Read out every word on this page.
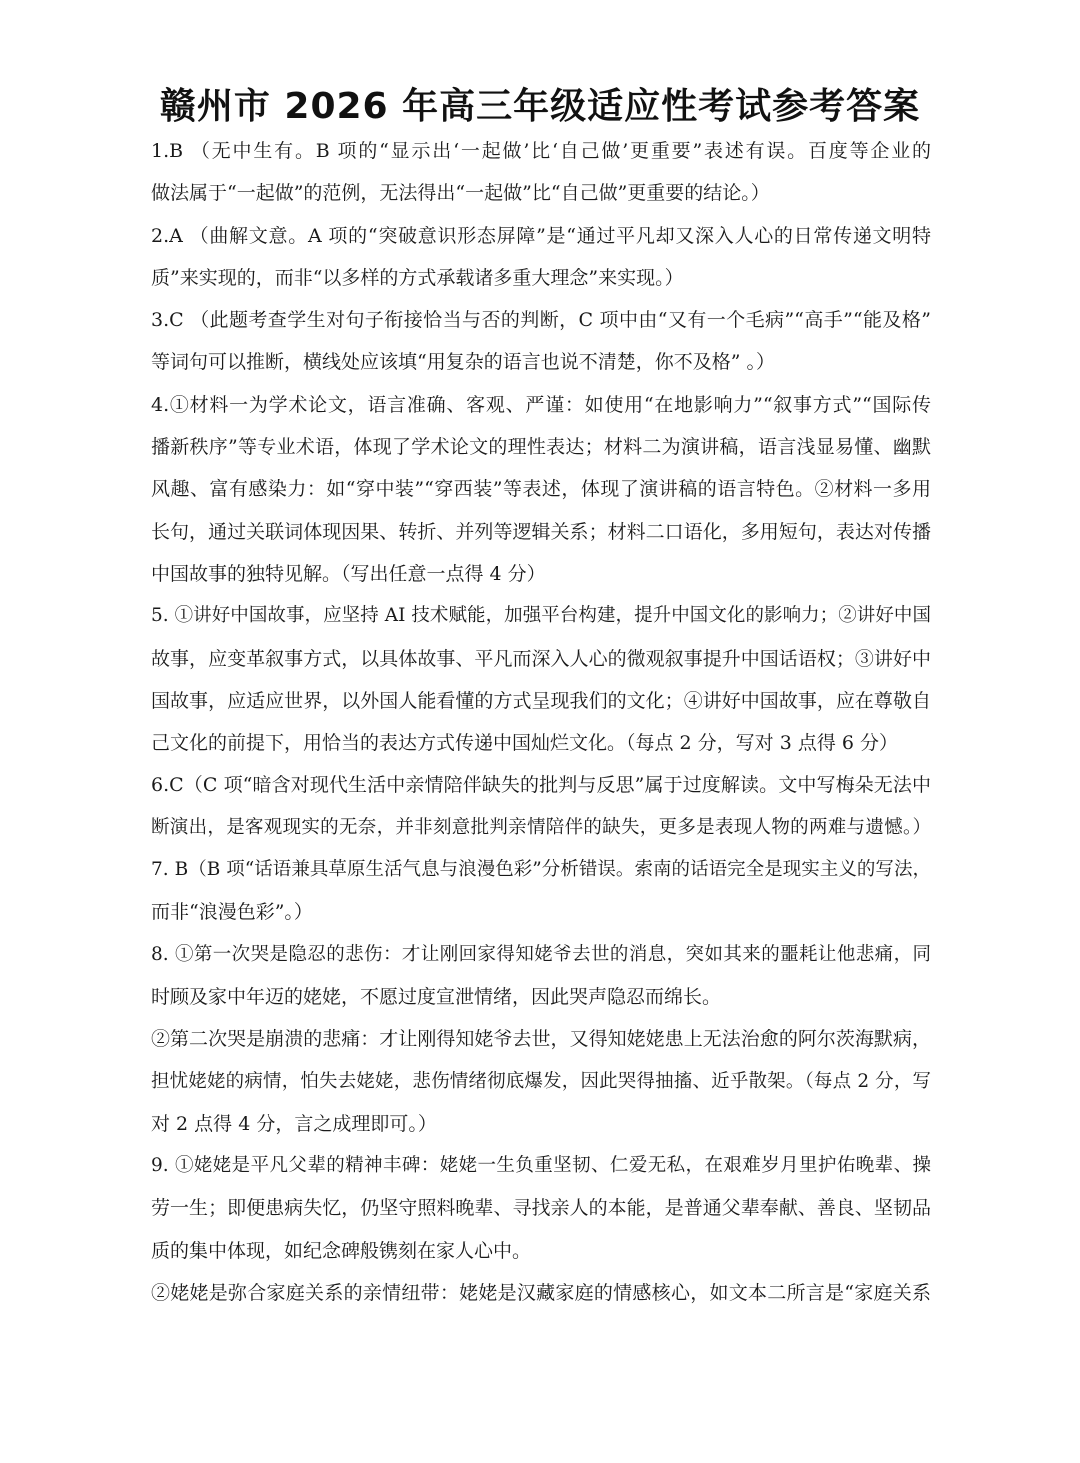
赣州市 2026 年高三年级适应性考试参考答案
1.B （无中生有。B 项的“显示出‘一起做’比‘自己做’更重要”表述有误。百度等企业的
做法属于“一起做”的范例，无法得出“一起做”比“自己做”更重要的结论。）
2.A （曲解文意。A 项的“突破意识形态屏障”是“通过平凡却又深入人心的日常传递文明特
质”来实现的，而非“以多样的方式承载诸多重大理念”来实现。）
3.C （此题考查学生对句子衔接恰当与否的判断，C 项中由“又有一个毛病”“高手”“能及格”
等词句可以推断，横线处应该填“用复杂的语言也说不清楚，你不及格” 。）
4.①材料一为学术论文，语言准确、客观、严谨：如使用“在地影响力”“叙事方式”“国际传
播新秩序”等专业术语，体现了学术论文的理性表达；材料二为演讲稿，语言浅显易懂、幽默
风趣、富有感染力：如“穿中装”“穿西装”等表述，体现了演讲稿的语言特色。②材料一多用
长句，通过关联词体现因果、转折、并列等逻辑关系；材料二口语化，多用短句，表达对传播
中国故事的独特见解。（写出任意一点得 4 分）
5. ①讲好中国故事，应坚持 AI 技术赋能，加强平台构建，提升中国文化的影响力；②讲好中国
故事，应变革叙事方式，以具体故事、平凡而深入人心的微观叙事提升中国话语权；③讲好中
国故事，应适应世界，以外国人能看懂的方式呈现我们的文化；④讲好中国故事，应在尊敬自
己文化的前提下，用恰当的表达方式传递中国灿烂文化。（每点 2 分，写对 3 点得 6 分）
6.C（C 项“暗含对现代生活中亲情陪伴缺失的批判与反思”属于过度解读。文中写梅朵无法中
断演出，是客观现实的无奈，并非刻意批判亲情陪伴的缺失，更多是表现人物的两难与遗憾。）
7. B（B 项“话语兼具草原生活气息与浪漫色彩”分析错误。索南的话语完全是现实主义的写法，
而非“浪漫色彩”。）
8. ①第一次哭是隐忍的悲伤：才让刚回家得知姥爷去世的消息，突如其来的噩耗让他悲痛，同
时顾及家中年迈的姥姥，不愿过度宣泄情绪，因此哭声隐忍而绵长。
②第二次哭是崩溃的悲痛：才让刚得知姥爷去世，又得知姥姥患上无法治愈的阿尔茨海默病，
担忧姥姥的病情，怕失去姥姥，悲伤情绪彻底爆发，因此哭得抽搐、近乎散架。（每点 2 分，写
对 2 点得 4 分，言之成理即可。）
9. ①姥姥是平凡父辈的精神丰碑：姥姥一生负重坚韧、仁爱无私，在艰难岁月里护佑晚辈、操
劳一生；即便患病失忆，仍坚守照料晚辈、寻找亲人的本能，是普通父辈奉献、善良、坚韧品
质的集中体现，如纪念碑般镌刻在家人心中。
②姥姥是弥合家庭关系的亲情纽带：姥姥是汉藏家庭的情感核心，如文本二所言是“家庭关系
